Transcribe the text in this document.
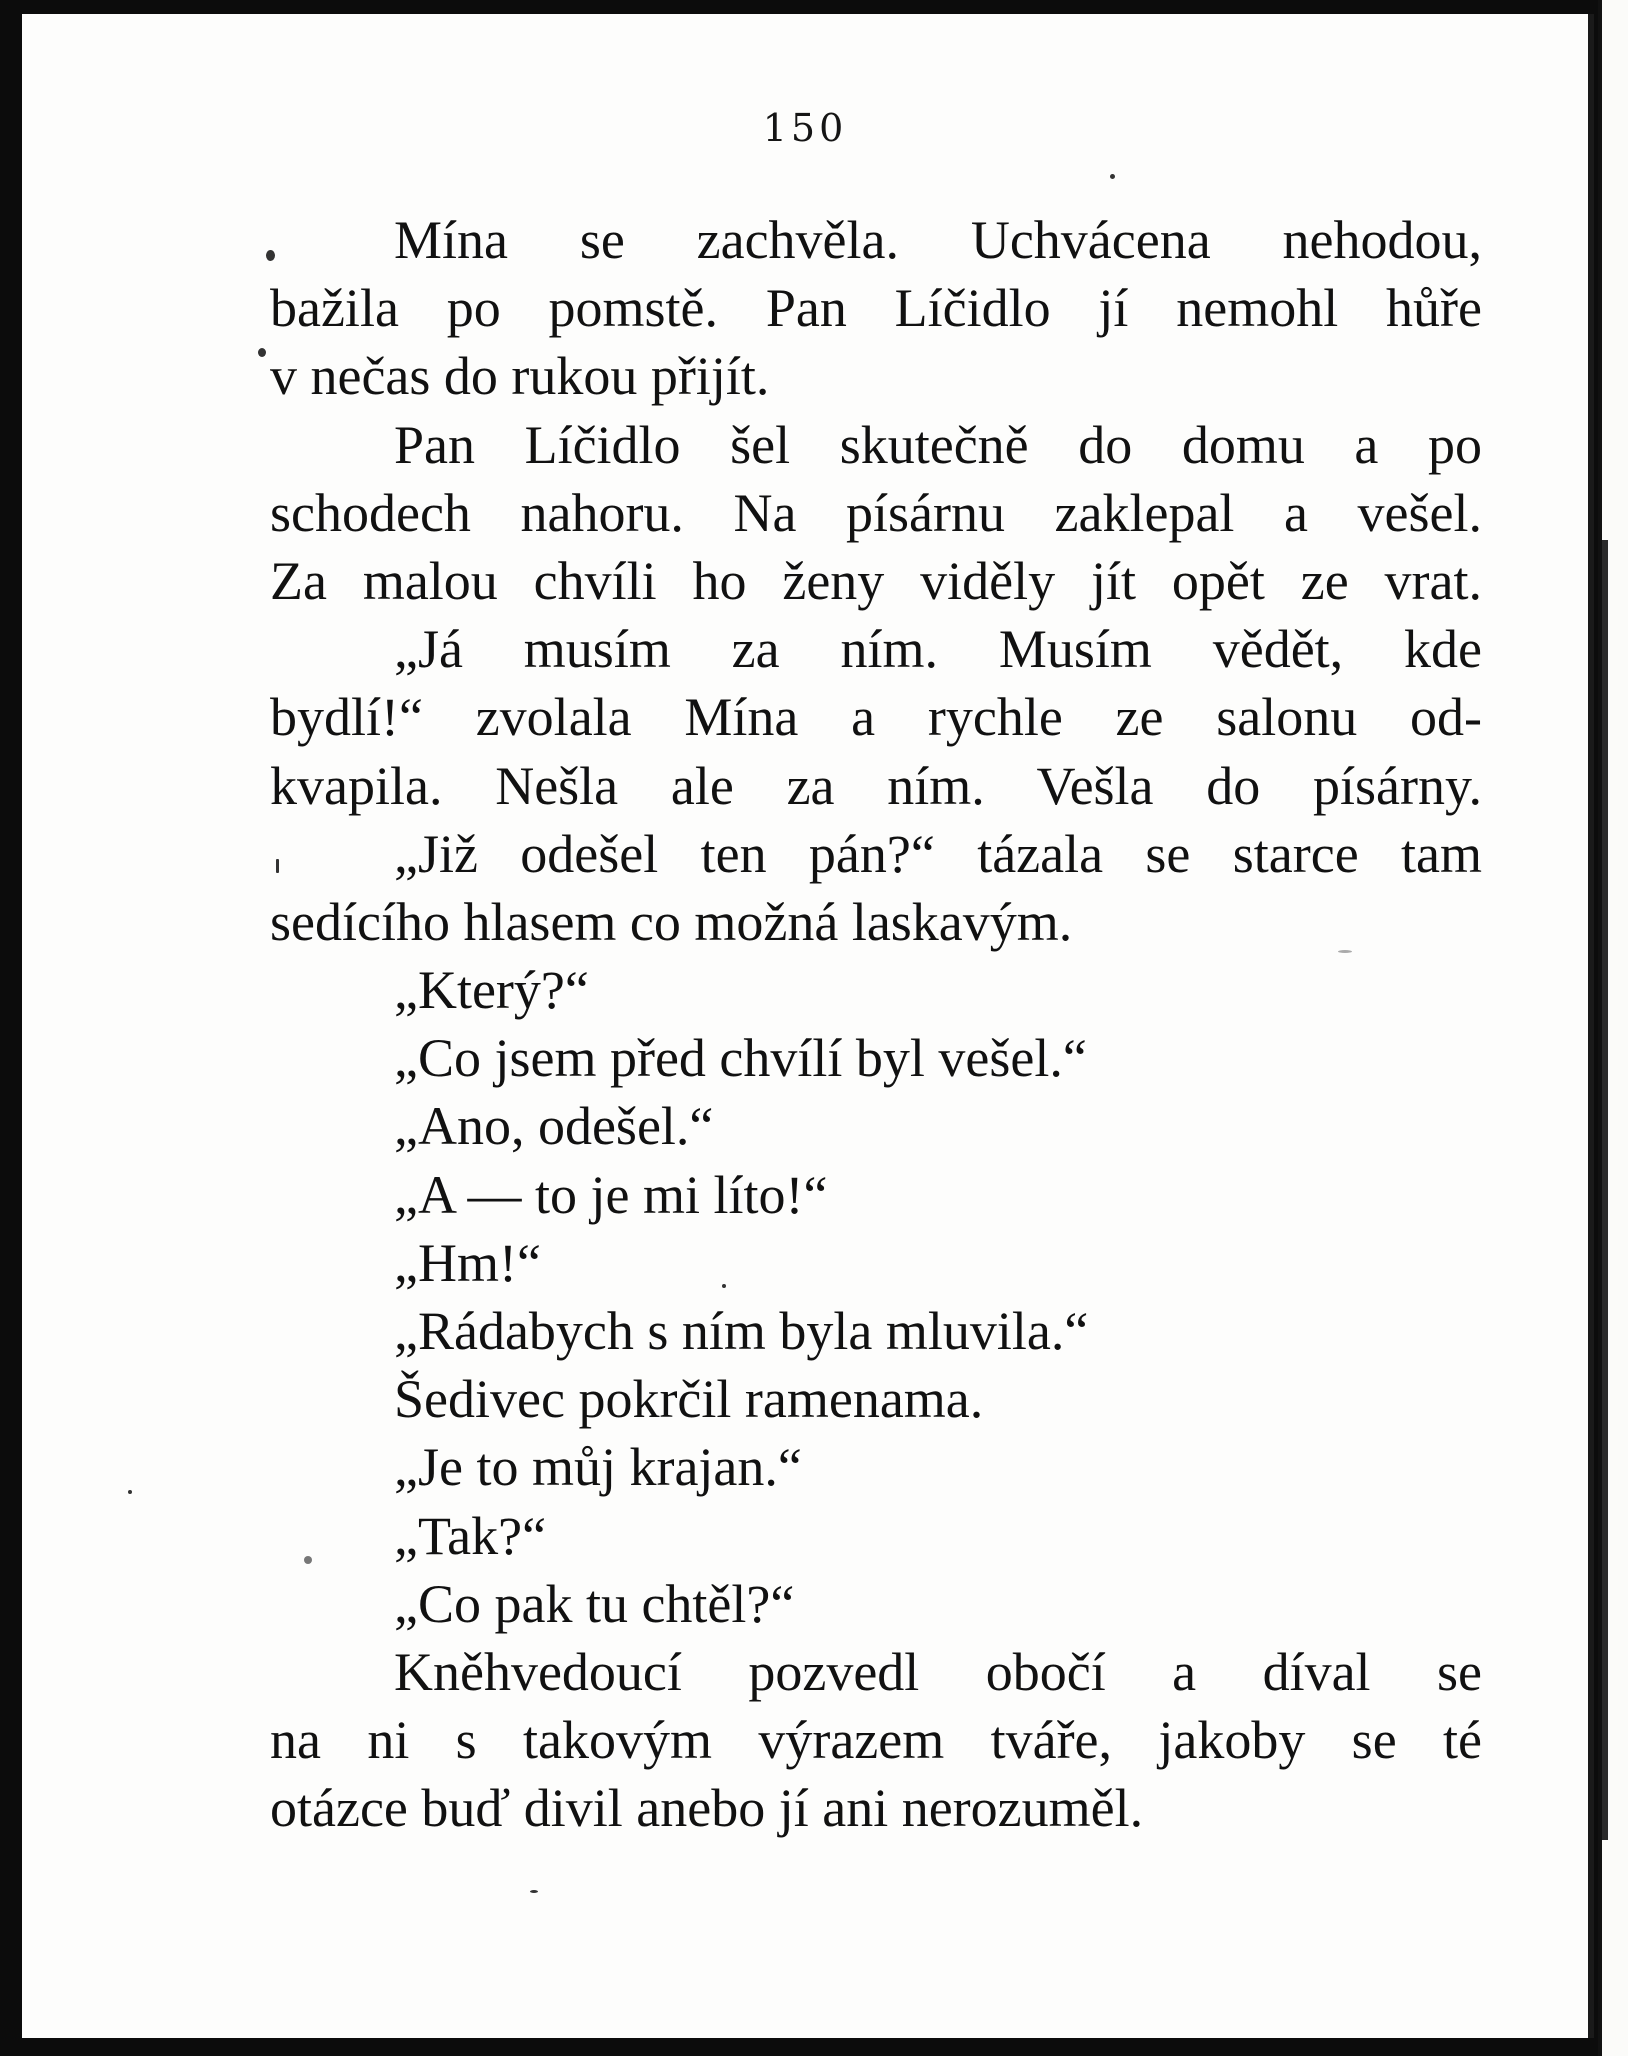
150
Mína se zachvěla. Uchvácena nehodou,
bažila po pomstě. Pan Líčidlo jí nemohl hůře
v nečas do rukou přijít.
Pan Líčidlo šel skutečně do domu a po
schodech nahoru. Na písárnu zaklepal a vešel.
Za malou chvíli ho ženy viděly jít opět ze vrat.
„Já musím za ním. Musím vědět, kde
bydlí!“ zvolala Mína a rychle ze salonu od-
kvapila. Nešla ale za ním. Vešla do písárny.
„Již odešel ten pán?“ tázala se starce tam
sedícího hlasem co možná laskavým.
„Který?“
„Co jsem před chvílí byl vešel.“
„Ano, odešel.“
„A — to je mi líto!“
„Hm!“
„Rádabych s ním byla mluvila.“
Šedivec pokrčil ramenama.
„Je to můj krajan.“
„Tak?“
„Co pak tu chtěl?“
Kněhvedoucí pozvedl obočí a díval se
na ni s takovým výrazem tváře, jakoby se té
otázce buď divil anebo jí ani nerozuměl.
